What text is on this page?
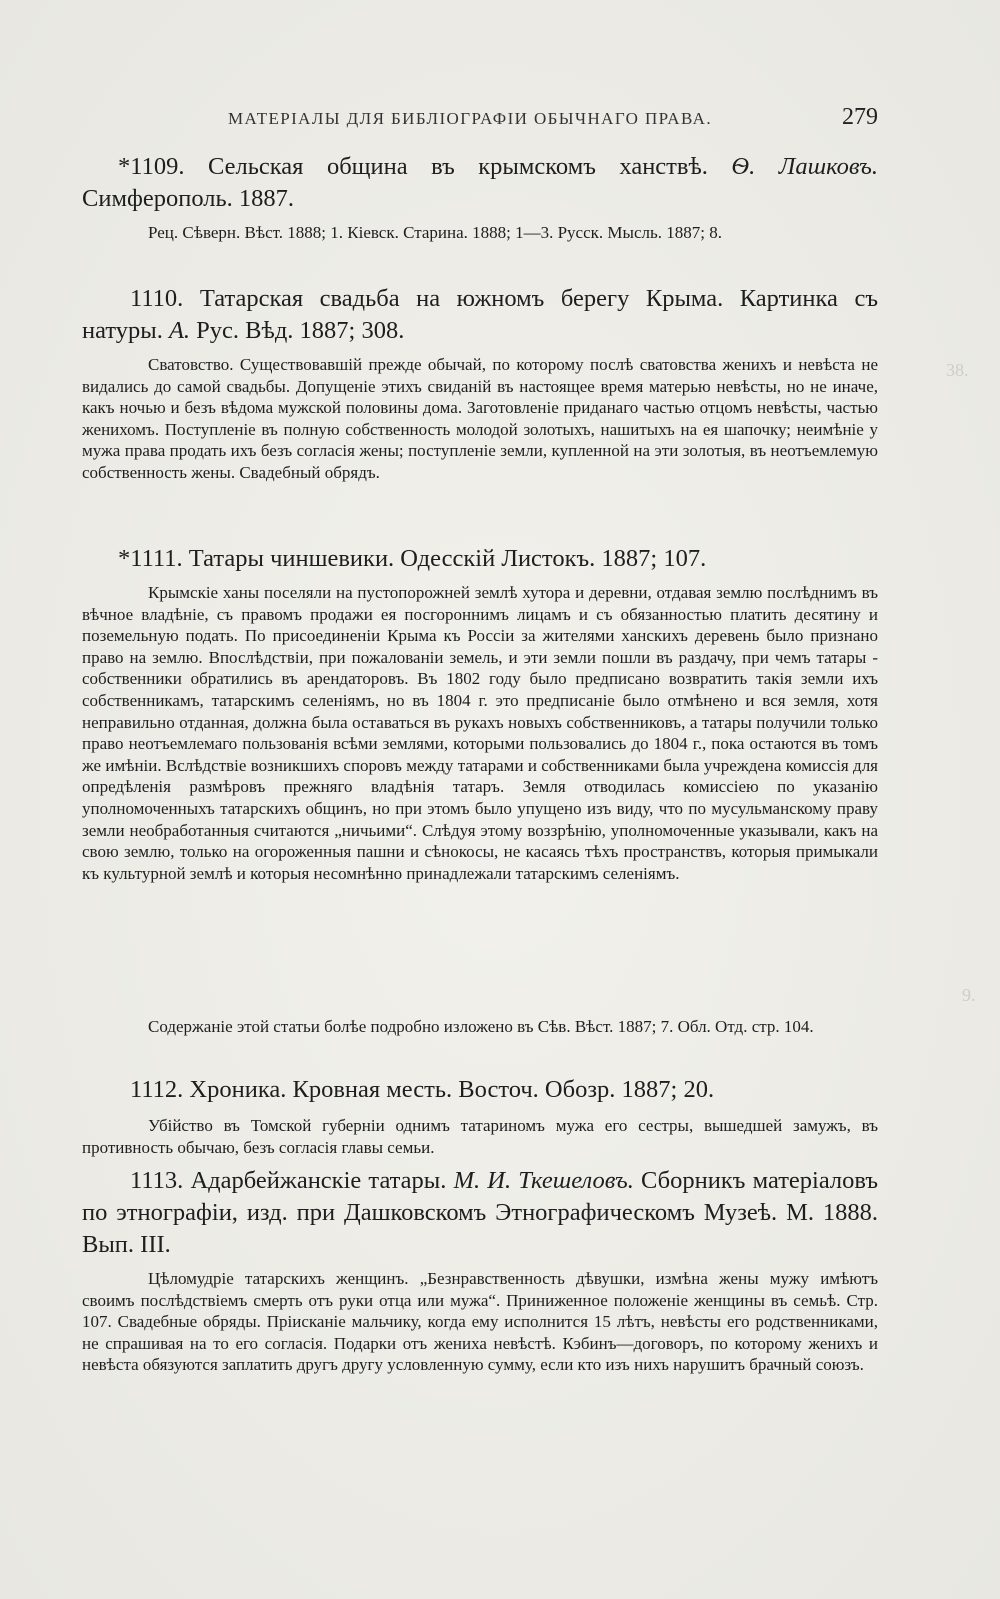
38.
9.
МАТЕРІАЛЫ ДЛЯ БИБЛІОГРАФІИ ОБЫЧНАГО ПРАВА.	279

*1109. Сельская община въ крымскомъ ханствѣ. Ѳ. Лашковъ. Симферополь. 1887.

Рец. Сѣверн. Вѣст. 1888; 1. Кіевск. Старина. 1888; 1—3. Русск. Мысль. 1887; 8.

1110. Татарская свадьба на южномъ берегу Крыма. Картинка съ натуры. А. Рус. Вѣд. 1887; 308.

Сватовство. Существовавшій прежде обычай, по которому послѣ сватовства женихъ и невѣста не видались до самой свадьбы. Допущеніе этихъ свиданій въ настоящее время матерью невѣсты, но не иначе, какъ ночью и безъ вѣдома мужской половины дома. Заготовленіе приданаго частью отцомъ невѣсты, частью женихомъ. Поступленіе въ полную собственность молодой золотыхъ, нашитыхъ на ея шапочку; неимѣніе у мужа права продать ихъ безъ согласія жены; поступленіе земли, купленной на эти золотыя, въ неотъемлемую собственность жены. Свадебный обрядъ.

*1111. Татары чиншевики. Одесскій Листокъ. 1887; 107.

Крымскіе ханы поселяли на пустопорожней землѣ хутора и деревни, отдавая землю послѣднимъ въ вѣчное владѣніе, съ правомъ продажи ея посгороннимъ лицамъ и съ обязанностью платить десятину и поземельную подать. По присоединеніи Крыма къ Россіи за жителями ханскихъ деревень было признано право на землю. Впослѣдствіи, при пожалованіи земель, и эти земли пошли въ раздачу, при чемъ татары - собственники обратились въ арендаторовъ. Въ 1802 году было предписано возвратить такія земли ихъ собственникамъ, татарскимъ селеніямъ, но въ 1804 г. это предписаніе было отмѣнено и вся земля, хотя неправильно отданная, должна была оставаться въ рукахъ новыхъ собственниковъ, а татары получили только право неотъемлемаго пользованія всѣми землями, которыми пользовались до 1804 г., пока остаются въ томъ же имѣніи. Вслѣдствіе возникшихъ споровъ между татарами и собственниками была учреждена комиссія для опредѣленія размѣровъ прежняго владѣнія татаръ. Земля отводилась комиссіею по указанію уполномоченныхъ татарскихъ общинъ, но при этомъ было упущено изъ виду, что по мусульманскому праву земли необработанныя считаются „ничьими“. Слѣдуя этому воззрѣнію, уполномоченные указывали, какъ на свою землю, только на огороженныя пашни и сѣнокосы, не касаясь тѣхъ пространствъ, которыя примыкали къ культурной землѣ и которыя несомнѣнно принадлежали татарскимъ селеніямъ.

Содержаніе этой статьи болѣе подробно изложено въ Сѣв. Вѣст. 1887; 7. Обл. Отд. стр. 104.

1112. Хроника. Кровная месть. Восточ. Обозр. 1887; 20.

Убійство въ Томской губерніи однимъ татариномъ мужа его сестры, вышедшей замужъ, въ противность обычаю, безъ согласія главы семьи.

1113. Адарбейжанскіе татары. М. И. Ткешеловъ. Сборникъ матеріаловъ по этнографіи, изд. при Дашковскомъ Этнографическомъ Музеѣ. М. 1888. Вып. III.

Цѣломудріе татарскихъ женщинъ. „Безнравственность дѣвушки, измѣна жены мужу имѣютъ своимъ послѣдствіемъ смерть отъ руки отца или мужа“. Приниженное положеніе женщины въ семьѣ. Стр. 107. Свадебные обряды. Пріисканіе мальчику, когда ему исполнится 15 лѣтъ, невѣсты его родственниками, не спрашивая на то его согласія. Подарки отъ жениха невѣстѣ. Кэбинъ—договоръ, по которому женихъ и невѣста обязуются заплатить другъ другу условленную сумму, если кто изъ нихъ нарушитъ брачный союзъ.
